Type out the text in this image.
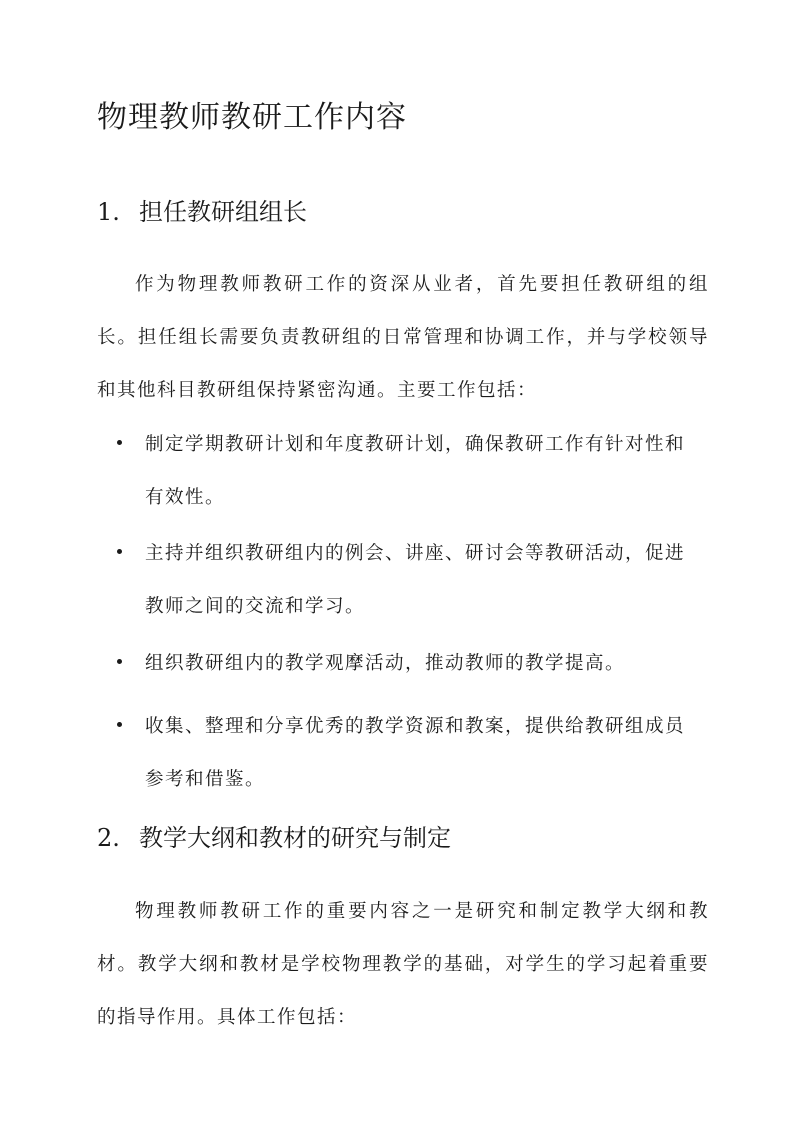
物理教师教研工作内容
1. 担任教研组组长
作为物理教师教研工作的资深从业者，首先要担任教研组的组长。担任组长需要负责教研组的日常管理和协调工作，并与学校领导和其他科目教研组保持紧密沟通。主要工作包括：
制定学期教研计划和年度教研计划，确保教研工作有针对性和有效性。
主持并组织教研组内的例会、讲座、研讨会等教研活动，促进教师之间的交流和学习。
组织教研组内的教学观摩活动，推动教师的教学提高。
收集、整理和分享优秀的教学资源和教案，提供给教研组成员参考和借鉴。
2. 教学大纲和教材的研究与制定
物理教师教研工作的重要内容之一是研究和制定教学大纲和教材。教学大纲和教材是学校物理教学的基础，对学生的学习起着重要的指导作用。具体工作包括：
